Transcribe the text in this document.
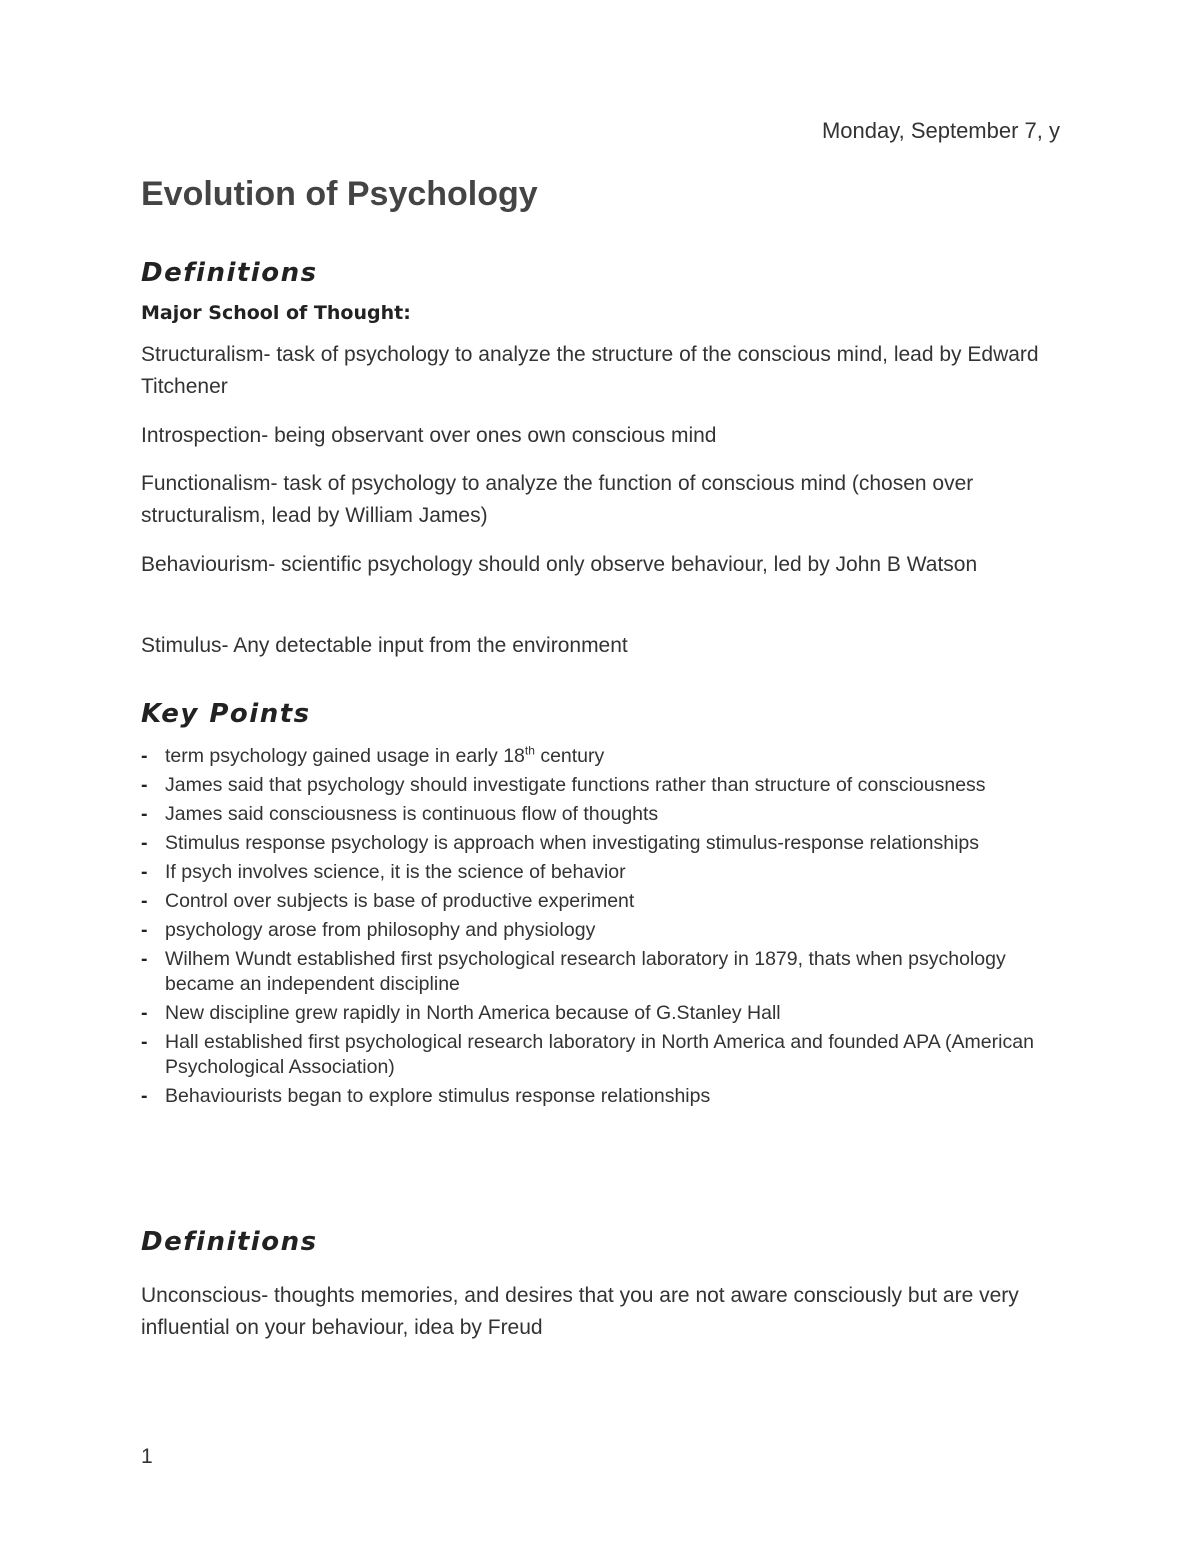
Monday, September 7, y
Evolution of Psychology
Definitions
Major School of Thought:
Structuralism- task of psychology to analyze the structure of the conscious mind, lead by Edward Titchener
Introspection- being observant over ones own conscious mind
Functionalism- task of psychology to analyze the function of conscious mind (chosen over structuralism, lead by William James)
Behaviourism- scientific psychology should only observe behaviour, led by John B Watson
Stimulus- Any detectable input from the environment
Key Points
- term psychology gained usage in early 18th century
- James said that psychology should investigate functions rather than structure of consciousness
- James said consciousness is continuous flow of thoughts
- Stimulus response psychology is approach when investigating stimulus-response relationships
- If psych involves science, it is the science of behavior
- Control over subjects is base of productive experiment
- psychology arose from philosophy and physiology
- Wilhem Wundt established first psychological research laboratory in 1879, thats when psychology became an independent discipline
- New discipline grew rapidly in North America because of G.Stanley Hall
- Hall established first psychological research laboratory in North America and founded APA (American Psychological Association)
- Behaviourists began to explore stimulus response relationships
Definitions
Unconscious- thoughts memories, and desires that you are not aware consciously but are very influential on your behaviour, idea by Freud
1
